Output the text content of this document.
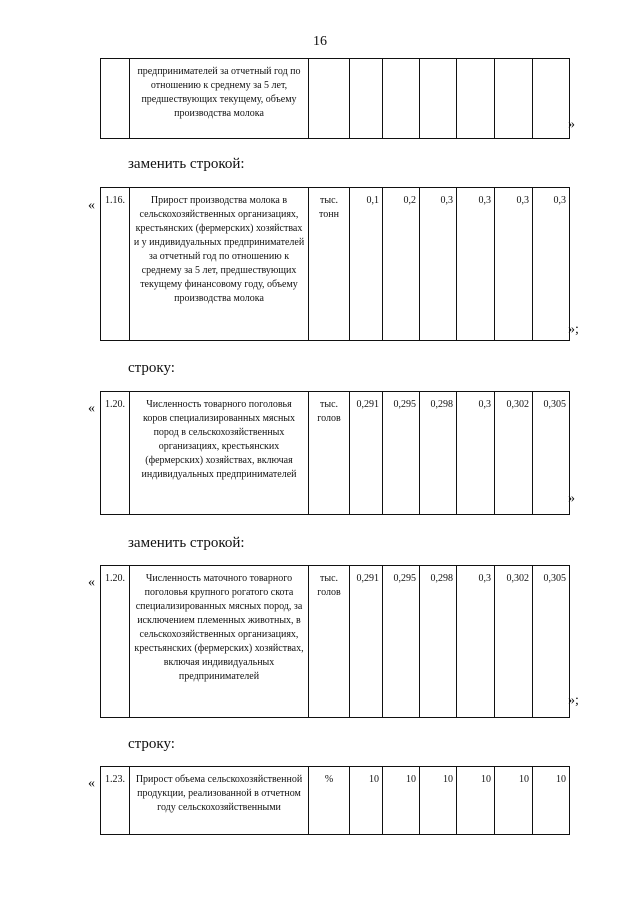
16
	предпринимателей за отчетный год по отношению к среднему за 5 лет, предшествующих текущему, объему производства молока							
»
заменить строкой:
« 1.16.	Прирост производства молока в сельскохозяйственных организациях, крестьянских (фермерских) хозяйствах и у индивидуальных предпринимателей за отчетный год по отношению к среднему за 5 лет, предшествующих текущему финансовому году, объему производства молока	тыс. тонн	0,1	0,2	0,3	0,3	0,3	0,3
»;
строку:
« 1.20.	Численность товарного поголовья коров специализированных мясных пород в сельскохозяйственных организациях, крестьянских (фермерских) хозяйствах, включая индивидуальных предпринимателей	тыс. голов	0,291	0,295	0,298	0,3	0,302	0,305
»
заменить строкой:
« 1.20.	Численность маточного товарного поголовья крупного рогатого скота специализированных мясных пород, за исключением племенных животных, в сельскохозяйственных организациях, крестьянских (фермерских) хозяйствах, включая индивидуальных предпринимателей	тыс. голов	0,291	0,295	0,298	0,3	0,302	0,305
»;
строку:
« 1.23.	Прирост объема сельскохозяйственной продукции, реализованной в отчетном году сельскохозяйственными	%	10	10	10	10	10	10
